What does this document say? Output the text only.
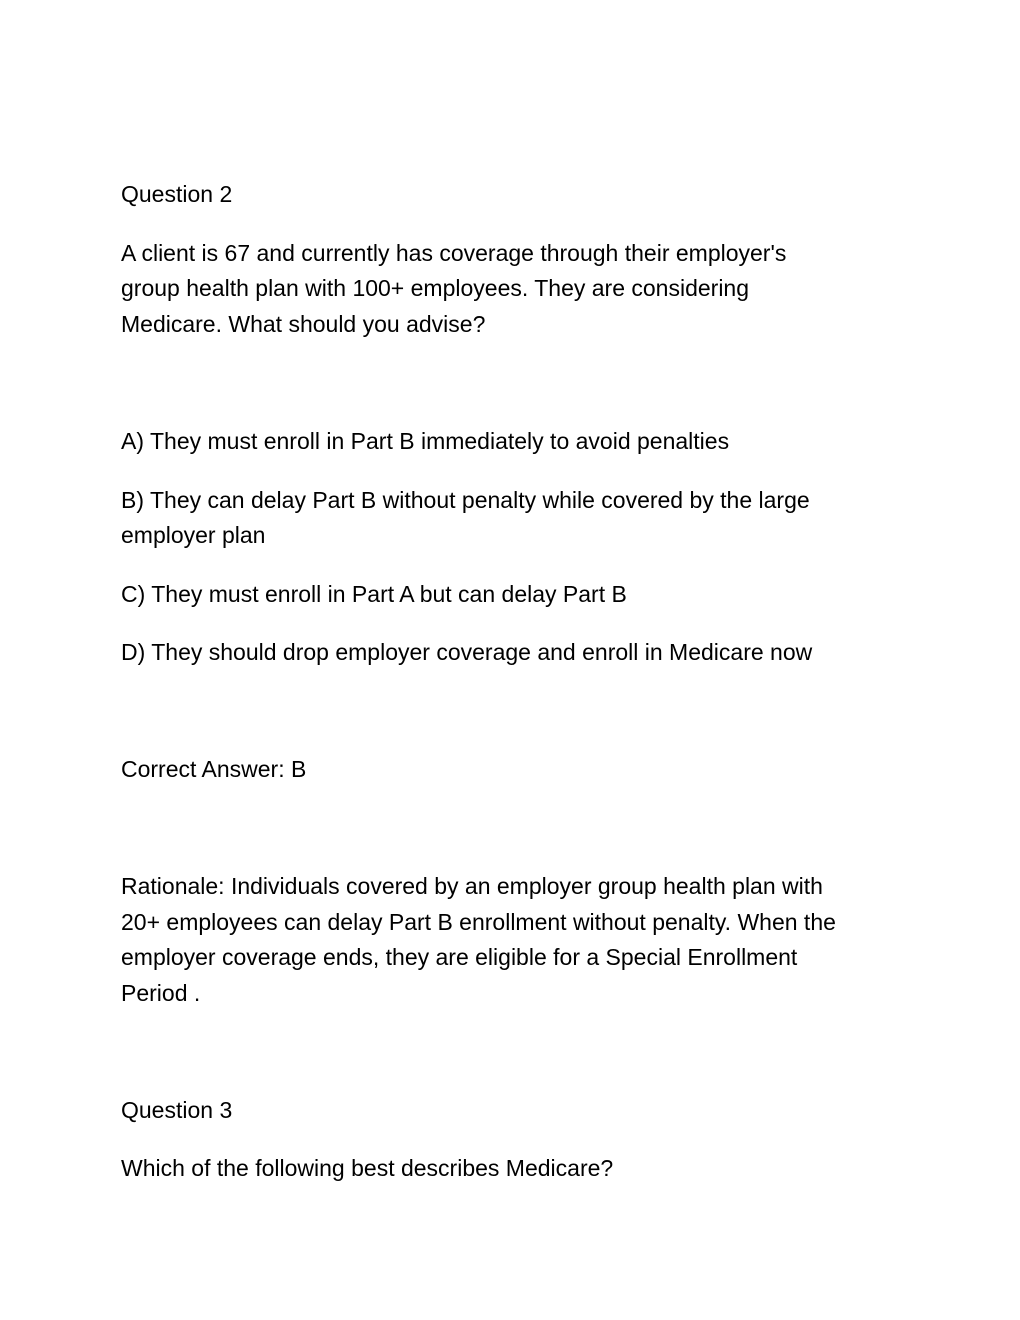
Question 2
A client is 67 and currently has coverage through their employer's
group health plan with 100+ employees. They are considering
Medicare. What should you advise?
A) They must enroll in Part B immediately to avoid penalties
B) They can delay Part B without penalty while covered by the large
employer plan
C) They must enroll in Part A but can delay Part B
D) They should drop employer coverage and enroll in Medicare now
Correct Answer: B
Rationale: Individuals covered by an employer group health plan with
20+ employees can delay Part B enrollment without penalty. When the
employer coverage ends, they are eligible for a Special Enrollment
Period .
Question 3
Which of the following best describes Medicare?
